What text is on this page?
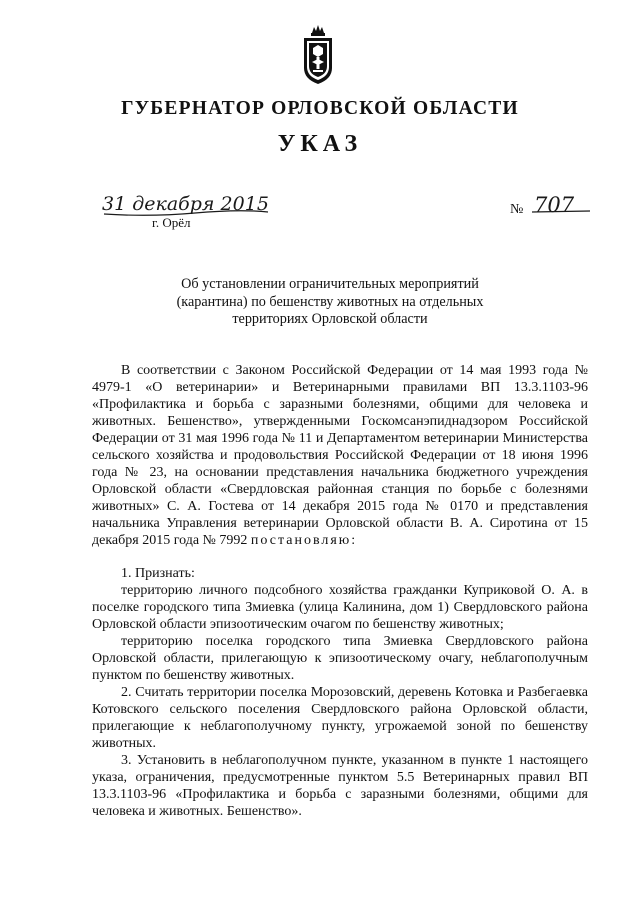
ГУБЕРНАТОР ОРЛОВСКОЙ ОБЛАСТИ
УКАЗ
31 декабря 2015
г. Орёл
№ 707
Об установлении ограничительных мероприятий
(карантина) по бешенству животных на отдельных
территориях Орловской области

В соответствии с Законом Российской Федерации от 14 мая 1993 года № 4979-1 «О ветеринарии» и Ветеринарными правилами ВП 13.3.1103-96 «Профилактика и борьба с заразными болезнями, общими для человека и животных. Бешенство», утвержденными Госкомсанэпиднадзором Российской Федерации от 31 мая 1996 года № 11 и Департаментом ветеринарии Министерства сельского хозяйства и продовольствия Российской Федерации от 18 июня 1996 года № 23, на основании представления начальника бюджетного учреждения Орловской области «Свердловская районная станция по борьбе с болезнями животных» С. А. Гостева от 14 декабря 2015 года № 0170 и представления начальника Управления ветеринарии Орловской области В. А. Сиротина от 15 декабря 2015 года № 7992 постановляю:

1. Признать:

территорию личного подсобного хозяйства гражданки Куприковой О. А. в поселке городского типа Змиевка (улица Калинина, дом 1) Свердловского района Орловской области эпизоотическим очагом по бешенству животных;

территорию поселка городского типа Змиевка Свердловского района Орловской области, прилегающую к эпизоотическому очагу, неблагополучным пунктом по бешенству животных.

2. Считать территории поселка Морозовский, деревень Котовка и Разбегаевка Котовского сельского поселения Свердловского района Орловской области, прилегающие к неблагополучному пункту, угрожаемой зоной по бешенству животных.

3. Установить в неблагополучном пункте, указанном в пункте 1 настоящего указа, ограничения, предусмотренные пунктом 5.5 Ветеринарных правил ВП 13.3.1103-96 «Профилактика и борьба с заразными болезнями, общими для человека и животных. Бешенство».
